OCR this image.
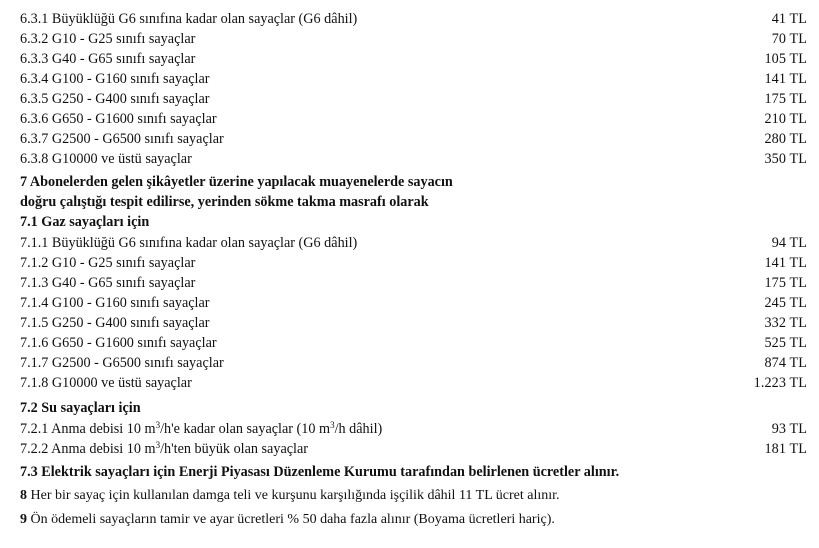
6.3.1 Büyüklüğü G6 sınıfına kadar olan sayaçlar (G6 dâhil)	41 TL
6.3.2 G10 - G25 sınıfı sayaçlar	70 TL
6.3.3 G40 - G65 sınıfı sayaçlar	105 TL
6.3.4 G100 - G160 sınıfı sayaçlar	141 TL
6.3.5 G250 - G400 sınıfı sayaçlar	175 TL
6.3.6 G650 - G1600 sınıfı sayaçlar	210 TL
6.3.7 G2500 - G6500 sınıfı sayaçlar	280 TL
6.3.8 G10000 ve üstü sayaçlar	350 TL
7 Abonelerden gelen şikâyetler üzerine yapılacak muayenelerde sayacın
doğru çalıştığı tespit edilirse, yerinden sökme takma masrafı olarak
7.1 Gaz sayaçları için
7.1.1 Büyüklüğü G6 sınıfına kadar olan sayaçlar (G6 dâhil)	94 TL
7.1.2 G10 - G25 sınıfı sayaçlar	141 TL
7.1.3 G40 - G65 sınıfı sayaçlar	175 TL
7.1.4 G100 - G160 sınıfı sayaçlar	245 TL
7.1.5 G250 - G400 sınıfı sayaçlar	332 TL
7.1.6 G650 - G1600 sınıfı sayaçlar	525 TL
7.1.7 G2500 - G6500 sınıfı sayaçlar	874 TL
7.1.8 G10000 ve üstü sayaçlar	1.223 TL
7.2 Su sayaçları için
7.2.1 Anma debisi 10 $m^3/h'e$ kadar olan sayaçlar (10 $m^3/h$ dâhil)	93 TL
7.2.2 Anma debisi 10 $m^3/h'ten$ büyük olan sayaçlar	181 TL
7.3 Elektrik sayaçları için Enerji Piyasası Düzenleme Kurumu tarafından belirlenen ücretler alınır.
8 Her bir sayaç için kullanılan damga teli ve kurşunu karşılığında işçilik dâhil 11 TL ücret alınır.
9 Ön ödemeli sayaçların tamir ve ayar ücretleri % 50 daha fazla alınır (Boyama ücretleri hariç).
